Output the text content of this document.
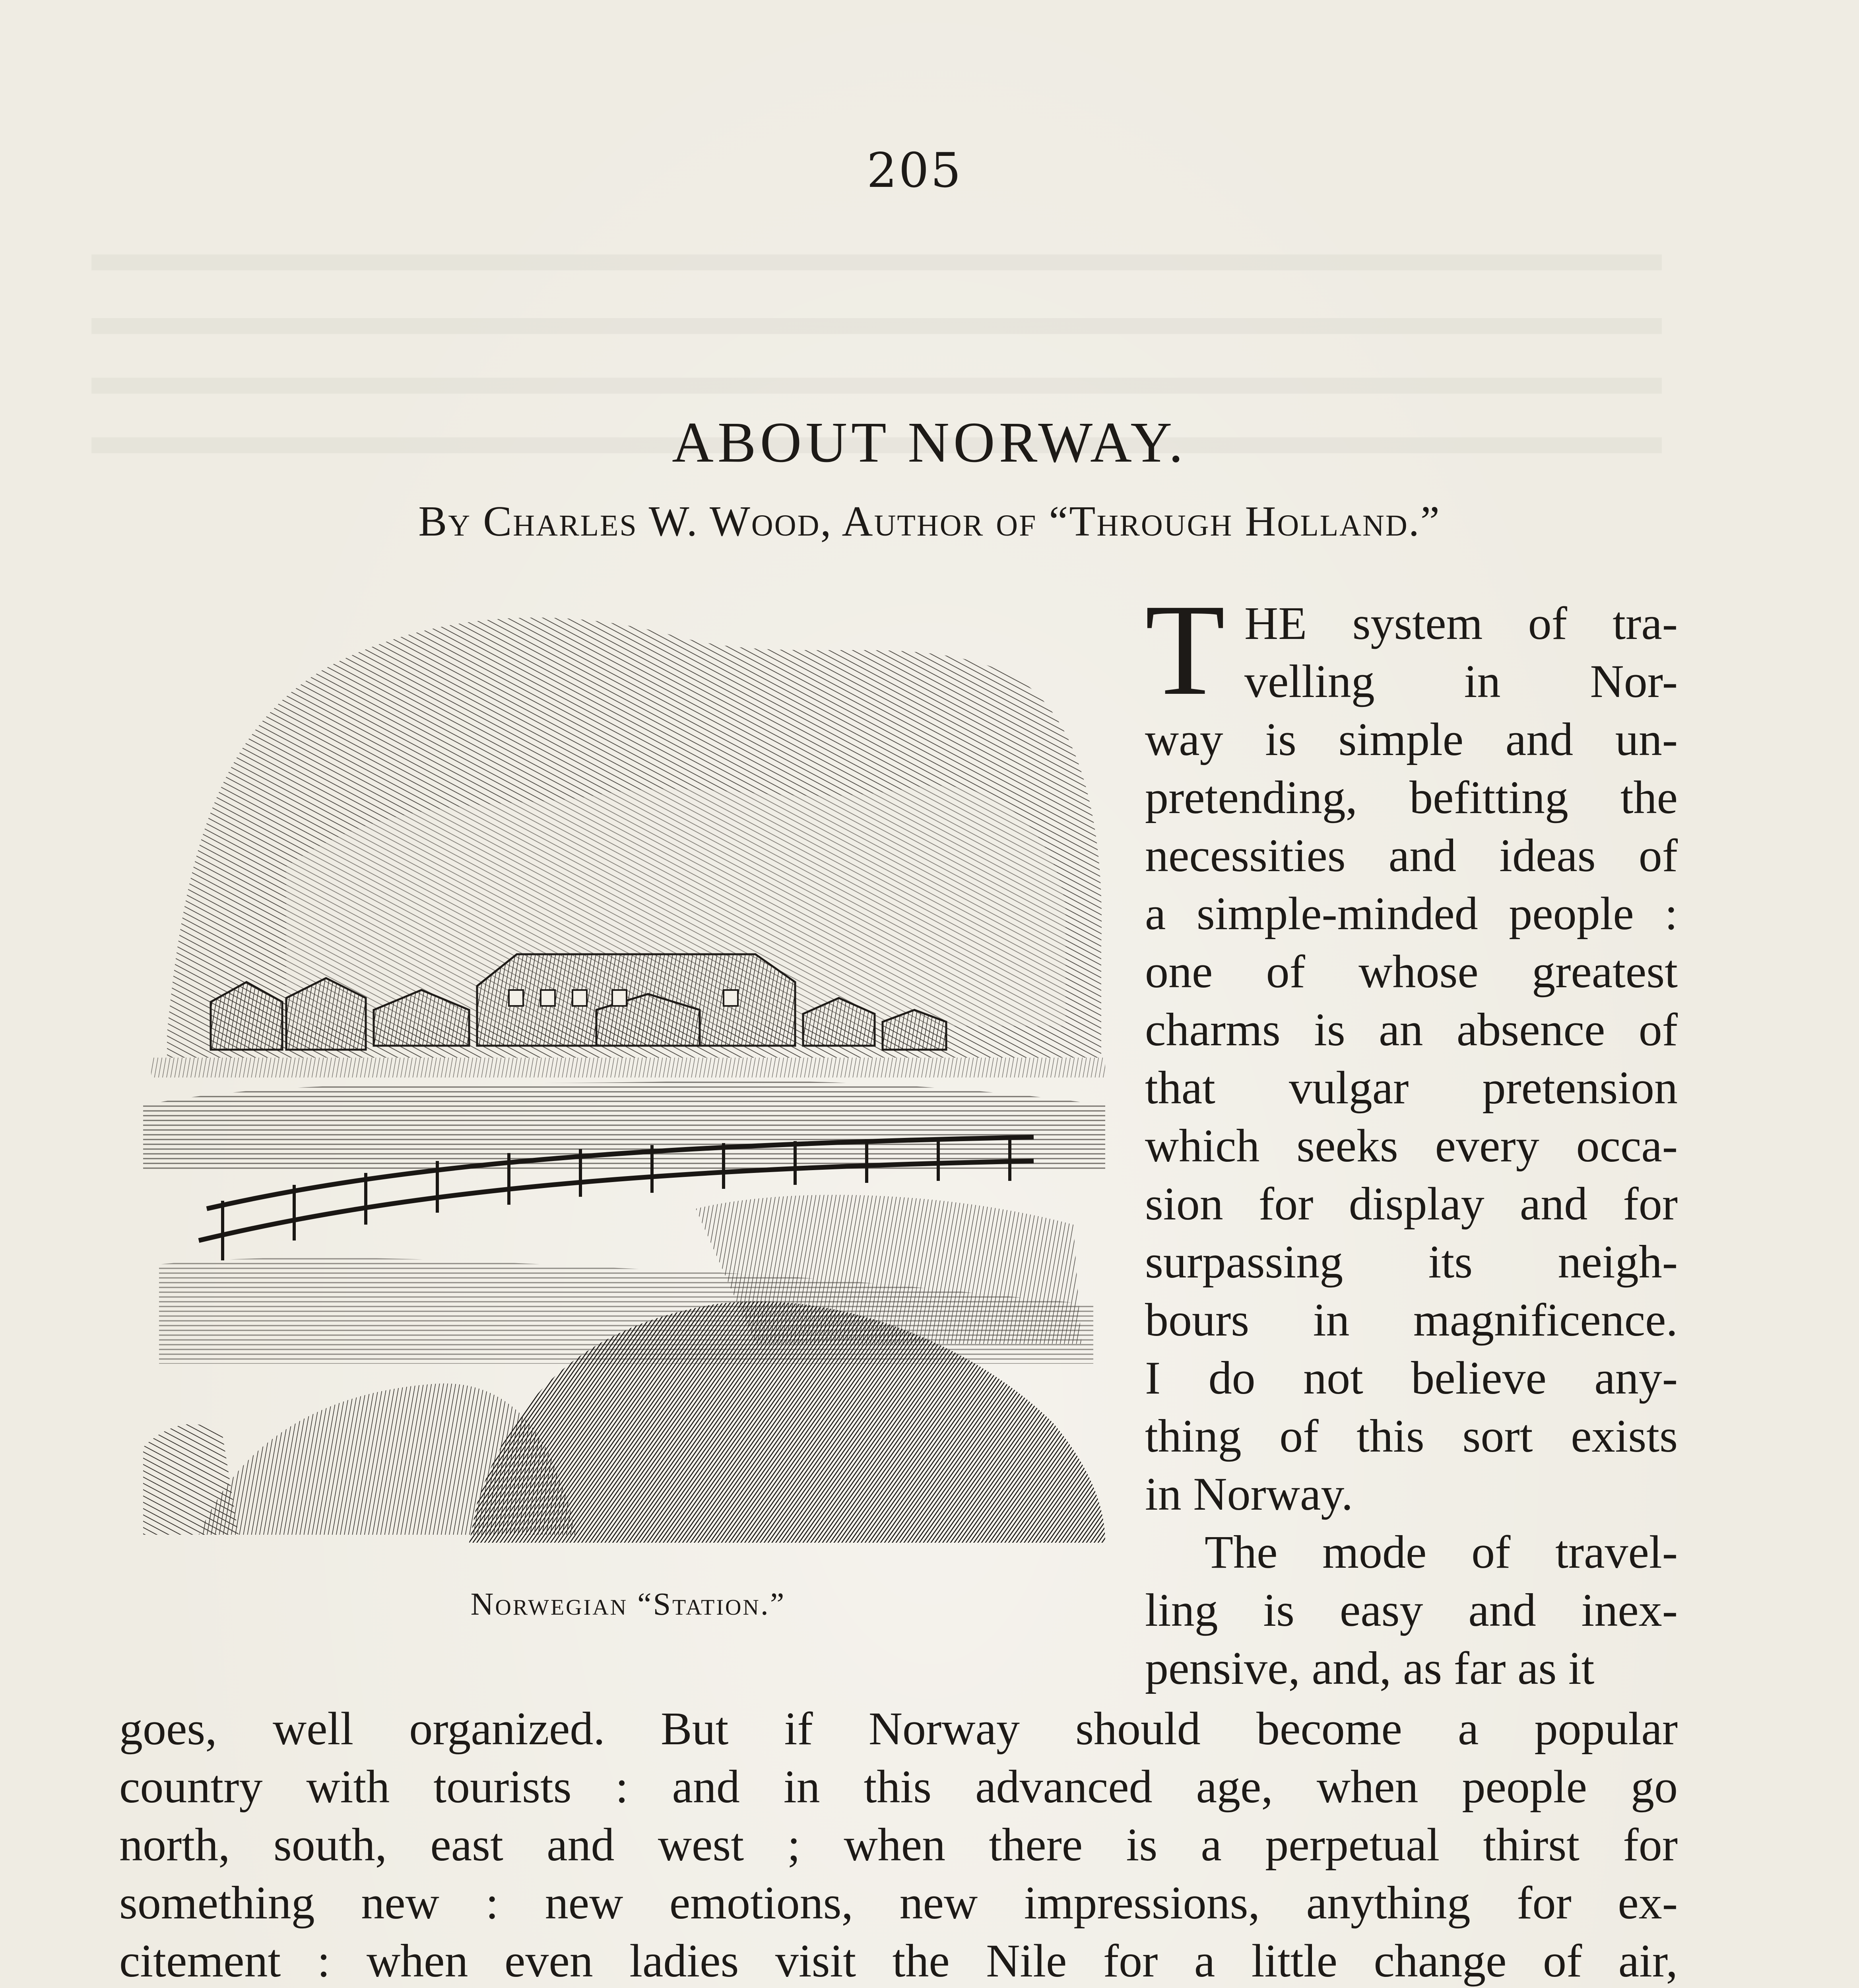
205
ABOUT NORWAY.
By Charles W. Wood, Author of “Through Holland.”
Norwegian “Station.”
T HE system of tra-
velling in Nor-
way is simple and un-
pretending, befitting the
necessities and ideas of
a simple-minded people :
one of whose greatest
charms is an absence of
that vulgar pretension
which seeks every occa-
sion for display and for
surpassing its neigh-
bours in magnificence.
I do not believe any-
thing of this sort exists
in Norway.
The mode of travel-
ling is easy and inex-
pensive, and, as far as it
goes, well organized. But if Norway should become a popular
country with tourists : and in this advanced age, when people go
north, south, east and west ; when there is a perpetual thirst for
something new : new emotions, new impressions, anything for ex-
citement : when even ladies visit the Nile for a little change of air,
